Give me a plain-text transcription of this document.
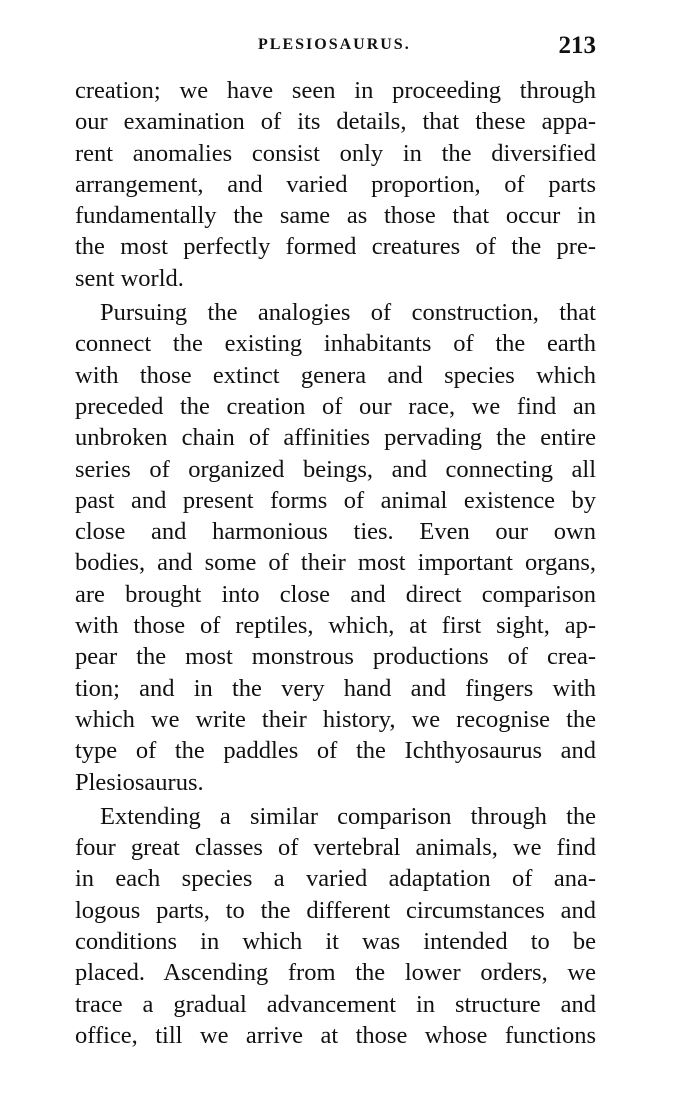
PLESIOSAURUS.	213
creation; we have seen in proceeding through
our examination of its details, that these appa-
rent anomalies consist only in the diversified
arrangement, and varied proportion, of parts
fundamentally the same as those that occur in
the most perfectly formed creatures of the pre-
sent world.
Pursuing the analogies of construction, that
connect the existing inhabitants of the earth
with those extinct genera and species which
preceded the creation of our race, we find an
unbroken chain of affinities pervading the entire
series of organized beings, and connecting all
past and present forms of animal existence by
close and harmonious ties. Even our own
bodies, and some of their most important organs,
are brought into close and direct comparison
with those of reptiles, which, at first sight, ap-
pear the most monstrous productions of crea-
tion; and in the very hand and fingers with
which we write their history, we recognise the
type of the paddles of the Ichthyosaurus and
Plesiosaurus.
Extending a similar comparison through the
four great classes of vertebral animals, we find
in each species a varied adaptation of ana-
logous parts, to the different circumstances and
conditions in which it was intended to be
placed. Ascending from the lower orders, we
trace a gradual advancement in structure and
office, till we arrive at those whose functions
